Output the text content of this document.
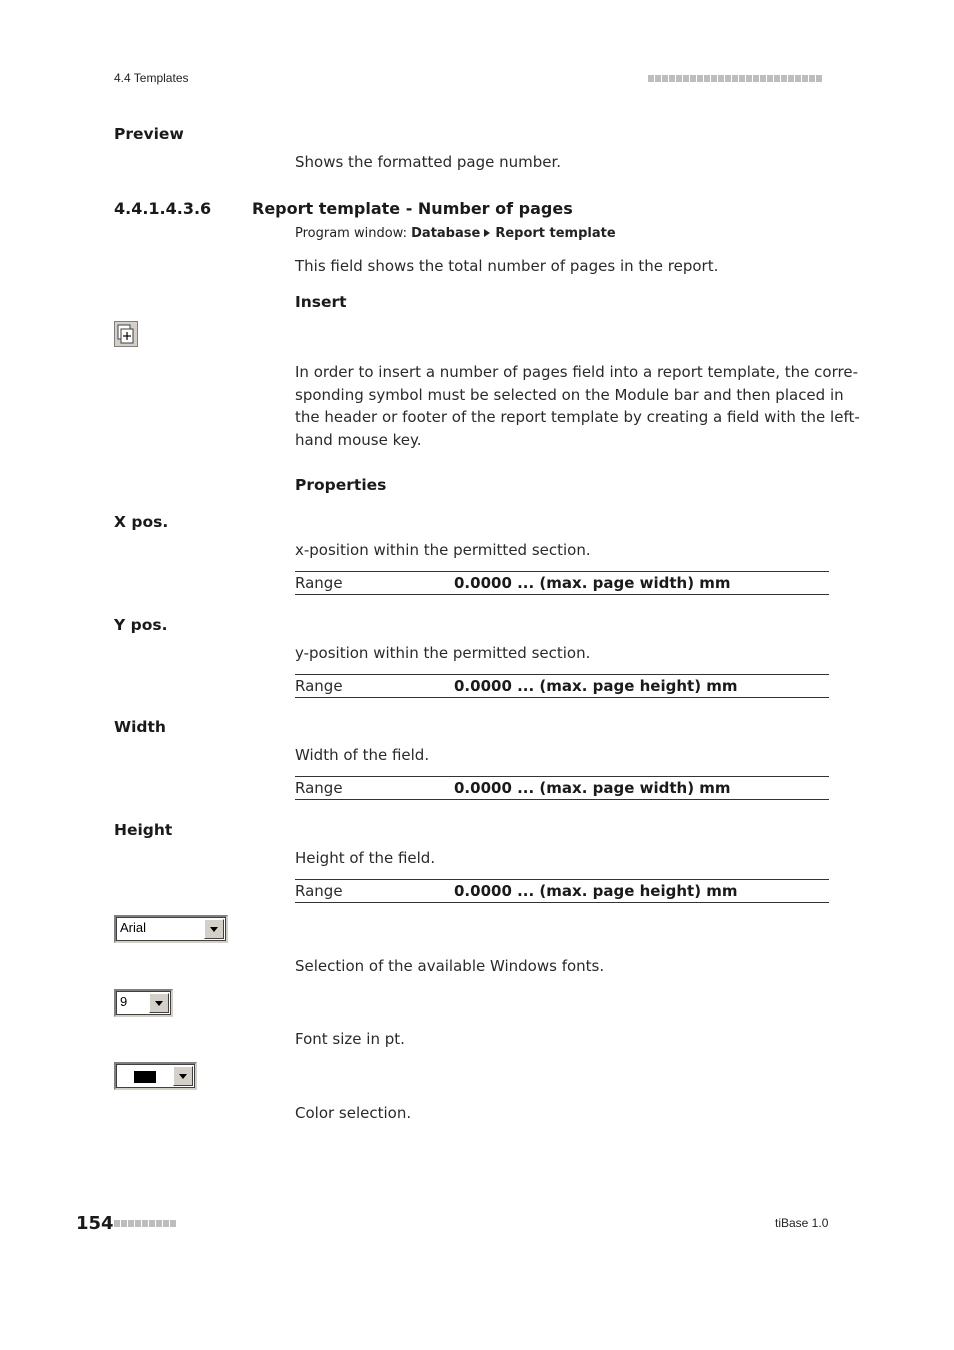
4.4 Templates
Preview
Shows the formatted page number.
4.4.1.4.3.6	Report template - Number of pages
Program window: Database Report template
This field shows the total number of pages in the report.
Insert
In order to insert a number of pages field into a report template, the corre-
sponding symbol must be selected on the Module bar and then placed in
the header or footer of the report template by creating a field with the left-
hand mouse key.
Properties
X pos.
x-position within the permitted section.
Range	0.0000 ... (max. page width) mm
Y pos.
y-position within the permitted section.
Range	0.0000 ... (max. page height) mm
Width
Width of the field.
Range	0.0000 ... (max. page width) mm
Height
Height of the field.
Range	0.0000 ... (max. page height) mm
Arial
Selection of the available Windows fonts.
9
Font size in pt.
Color selection.
154	tiBase 1.0
